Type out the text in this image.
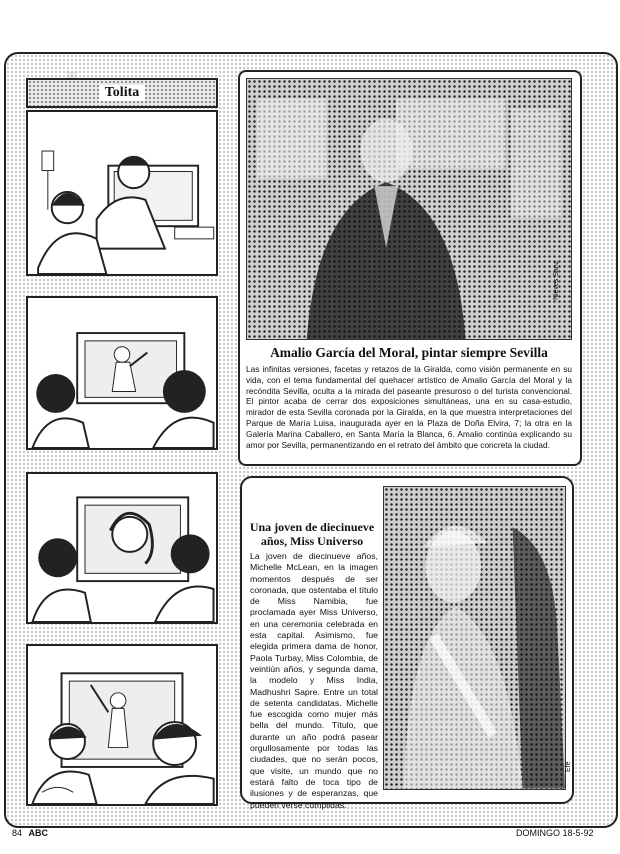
Tolita
Nieves Sanz
Amalio García del Moral, pintar siempre Sevilla
Las infinitas versiones, facetas y retazos de la Giralda, como visión permanente en su vida, con el tema fundamental del quehacer artístico de Amalio García del Moral y la recóndita Sevilla, oculta a la mirada del paseante presuroso o del turista convencional. El pintor acaba de cerrar dos exposiciones simultáneas, una en su casa-estudio, mirador de esta Sevilla coronada por la Giralda, en la que muestra interpretaciones del Parque de María Luisa, inaugurada ayer en la Plaza de Doña Elvira, 7; la otra en la Galería Marina Caballero, en Santa María la Blanca, 6. Amalio continúa explicando su amor por Sevilla, permanentizando en el retrato del ámbito que concreta la ciudad.
Una joven de diecinueve años, Miss Universo
La joven de diecinueve años, Michelle McLean, en la imagen momentos después de ser coronada, que ostentaba el título de Miss Namibia, fue proclamada ayer Miss Universo, en una ceremonia celebrada en esta capital. Asimismo, fue elegida primera dama de honor, Paola Turbay, Miss Colombia, de veintiún años, y segunda dama, la modelo y Miss India, Madhushri Sapre. Entre un total de setenta candidatas. Michelle fue escogida como mujer más bella del mundo. Título, que durante un año podrá pasear orgullosamente por todas las ciudades, que no serán pocos, que visite, un mundo que no estará falto de toca tipo de ilusiones y de esperanzas, que pueden verse cumplidas.
Efe
84 ABC	DOMINGO 18-5-92
